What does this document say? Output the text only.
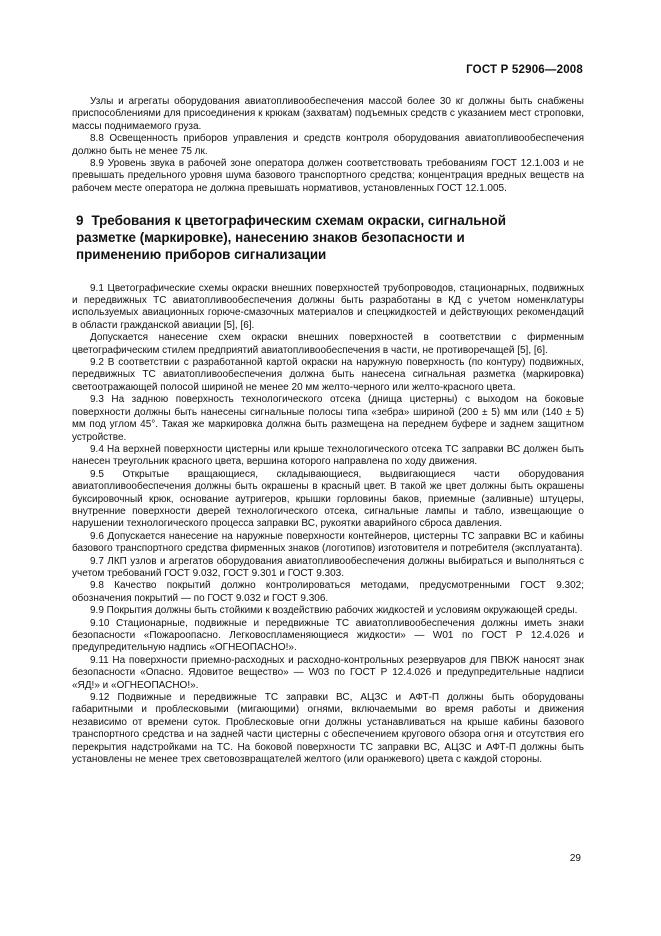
ГОСТ Р 52906—2008

Узлы и агрегаты оборудования авиатопливообеспечения массой более 30 кг должны быть снабжены приспособлениями для присоединения к крюкам (захватам) подъемных средств с указанием мест строповки, массы поднимаемого груза.

8.8 Освещенность приборов управления и средств контроля оборудования авиатопливообеспечения должно быть не менее 75 лк.

8.9 Уровень звука в рабочей зоне оператора должен соответствовать требованиям ГОСТ 12.1.003 и не превышать предельного уровня шума базового транспортного средства; концентрация вредных веществ на рабочем месте оператора не должна превышать нормативов, установленных ГОСТ 12.1.005.

9 Требования к цветографическим схемам окраски, сигнальной разметке (маркировке), нанесению знаков безопасности и применению приборов сигнализации

9.1 Цветографические схемы окраски внешних поверхностей трубопроводов, стационарных, подвижных и передвижных ТС авиатопливообеспечения должны быть разработаны в КД с учетом номенклатуры используемых авиационных горюче-смазочных материалов и спецжидкостей и действующих рекомендаций в области гражданской авиации [5], [6].

Допускается нанесение схем окраски внешних поверхностей в соответствии с фирменным цветографическим стилем предприятий авиатопливообеспечения в части, не противоречащей [5], [6].

9.2 В соответствии с разработанной картой окраски на наружную поверхность (по контуру) подвижных, передвижных ТС авиатопливообеспечения должна быть нанесена сигнальная разметка (маркировка) светоотражающей полосой шириной не менее 20 мм желто-черного или желто-красного цвета.

9.3 На заднюю поверхность технологического отсека (днища цистерны) с выходом на боковые поверхности должны быть нанесены сигнальные полосы типа «зебра» шириной (200 ± 5) мм или (140 ± 5) мм под углом 45°. Такая же маркировка должна быть размещена на переднем буфере и заднем защитном устройстве.

9.4 На верхней поверхности цистерны или крыше технологического отсека ТС заправки ВС должен быть нанесен треугольник красного цвета, вершина которого направлена по ходу движения.

9.5 Открытые вращающиеся, складывающиеся, выдвигающиеся части оборудования авиатопливообеспечения должны быть окрашены в красный цвет. В такой же цвет должны быть окрашены буксировочный крюк, основание аутригеров, крышки горловины баков, приемные (заливные) штуцеры, внутренние поверхности дверей технологического отсека, сигнальные лампы и табло, извещающие о нарушении технологического процесса заправки ВС, рукоятки аварийного сброса давления.

9.6 Допускается нанесение на наружные поверхности контейнеров, цистерны ТС заправки ВС и кабины базового транспортного средства фирменных знаков (логотипов) изготовителя и потребителя (эксплуатанта).

9.7 ЛКП узлов и агрегатов оборудования авиатопливообеспечения должны выбираться и выполняться с учетом требований ГОСТ 9.032, ГОСТ 9.301 и ГОСТ 9.303.

9.8 Качество покрытий должно контролироваться методами, предусмотренными ГОСТ 9.302; обозначения покрытий — по ГОСТ 9.032 и ГОСТ 9.306.

9.9 Покрытия должны быть стойкими к воздействию рабочих жидкостей и условиям окружающей среды.

9.10 Стационарные, подвижные и передвижные ТС авиатопливообеспечения должны иметь знаки безопасности «Пожароопасно. Легковоспламеняющиеся жидкости» — W01 по ГОСТ Р 12.4.026 и предупредительную надпись «ОГНЕОПАСНО!».

9.11 На поверхности приемно-расходных и расходно-контрольных резервуаров для ПВКЖ наносят знак безопасности «Опасно. Ядовитое вещество» — W03 по ГОСТ Р 12.4.026 и предупредительные надписи «ЯД!» и «ОГНЕОПАСНО!».

9.12 Подвижные и передвижные ТС заправки ВС, АЦЗС и АФТ-П должны быть оборудованы габаритными и проблесковыми (мигающими) огнями, включаемыми во время работы и движения независимо от времени суток. Проблесковые огни должны устанавливаться на крыше кабины базового транспортного средства и на задней части цистерны с обеспечением кругового обзора огня и отсутствия его перекрытия надстройками на ТС. На боковой поверхности ТС заправки ВС, АЦЗС и АФТ-П должны быть установлены не менее трех световозвращателей желтого (или оранжевого) цвета с каждой стороны.

29
